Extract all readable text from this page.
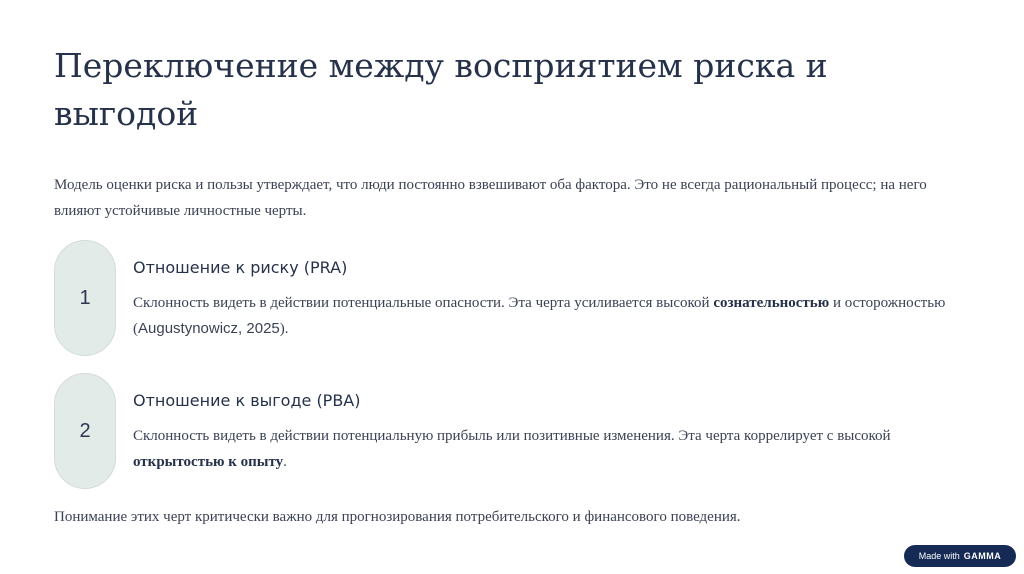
Переключение между восприятием риска и выгодой

Модель оценки риска и пользы утверждает, что люди постоянно взвешивают оба фактора. Это не всегда рациональный процесс; на него влияют устойчивые личностные черты.

1
Отношение к риску (PRA)
Склонность видеть в действии потенциальные опасности. Эта черта усиливается высокой сознательностью и осторожностью (Augustynowicz, 2025).
2
Отношение к выгоде (PBA)
Склонность видеть в действии потенциальную прибыль или позитивные изменения. Эта черта коррелирует с высокой открытостью к опыту.

Понимание этих черт критически важно для прогнозирования потребительского и финансового поведения.

Made with GAMMA
